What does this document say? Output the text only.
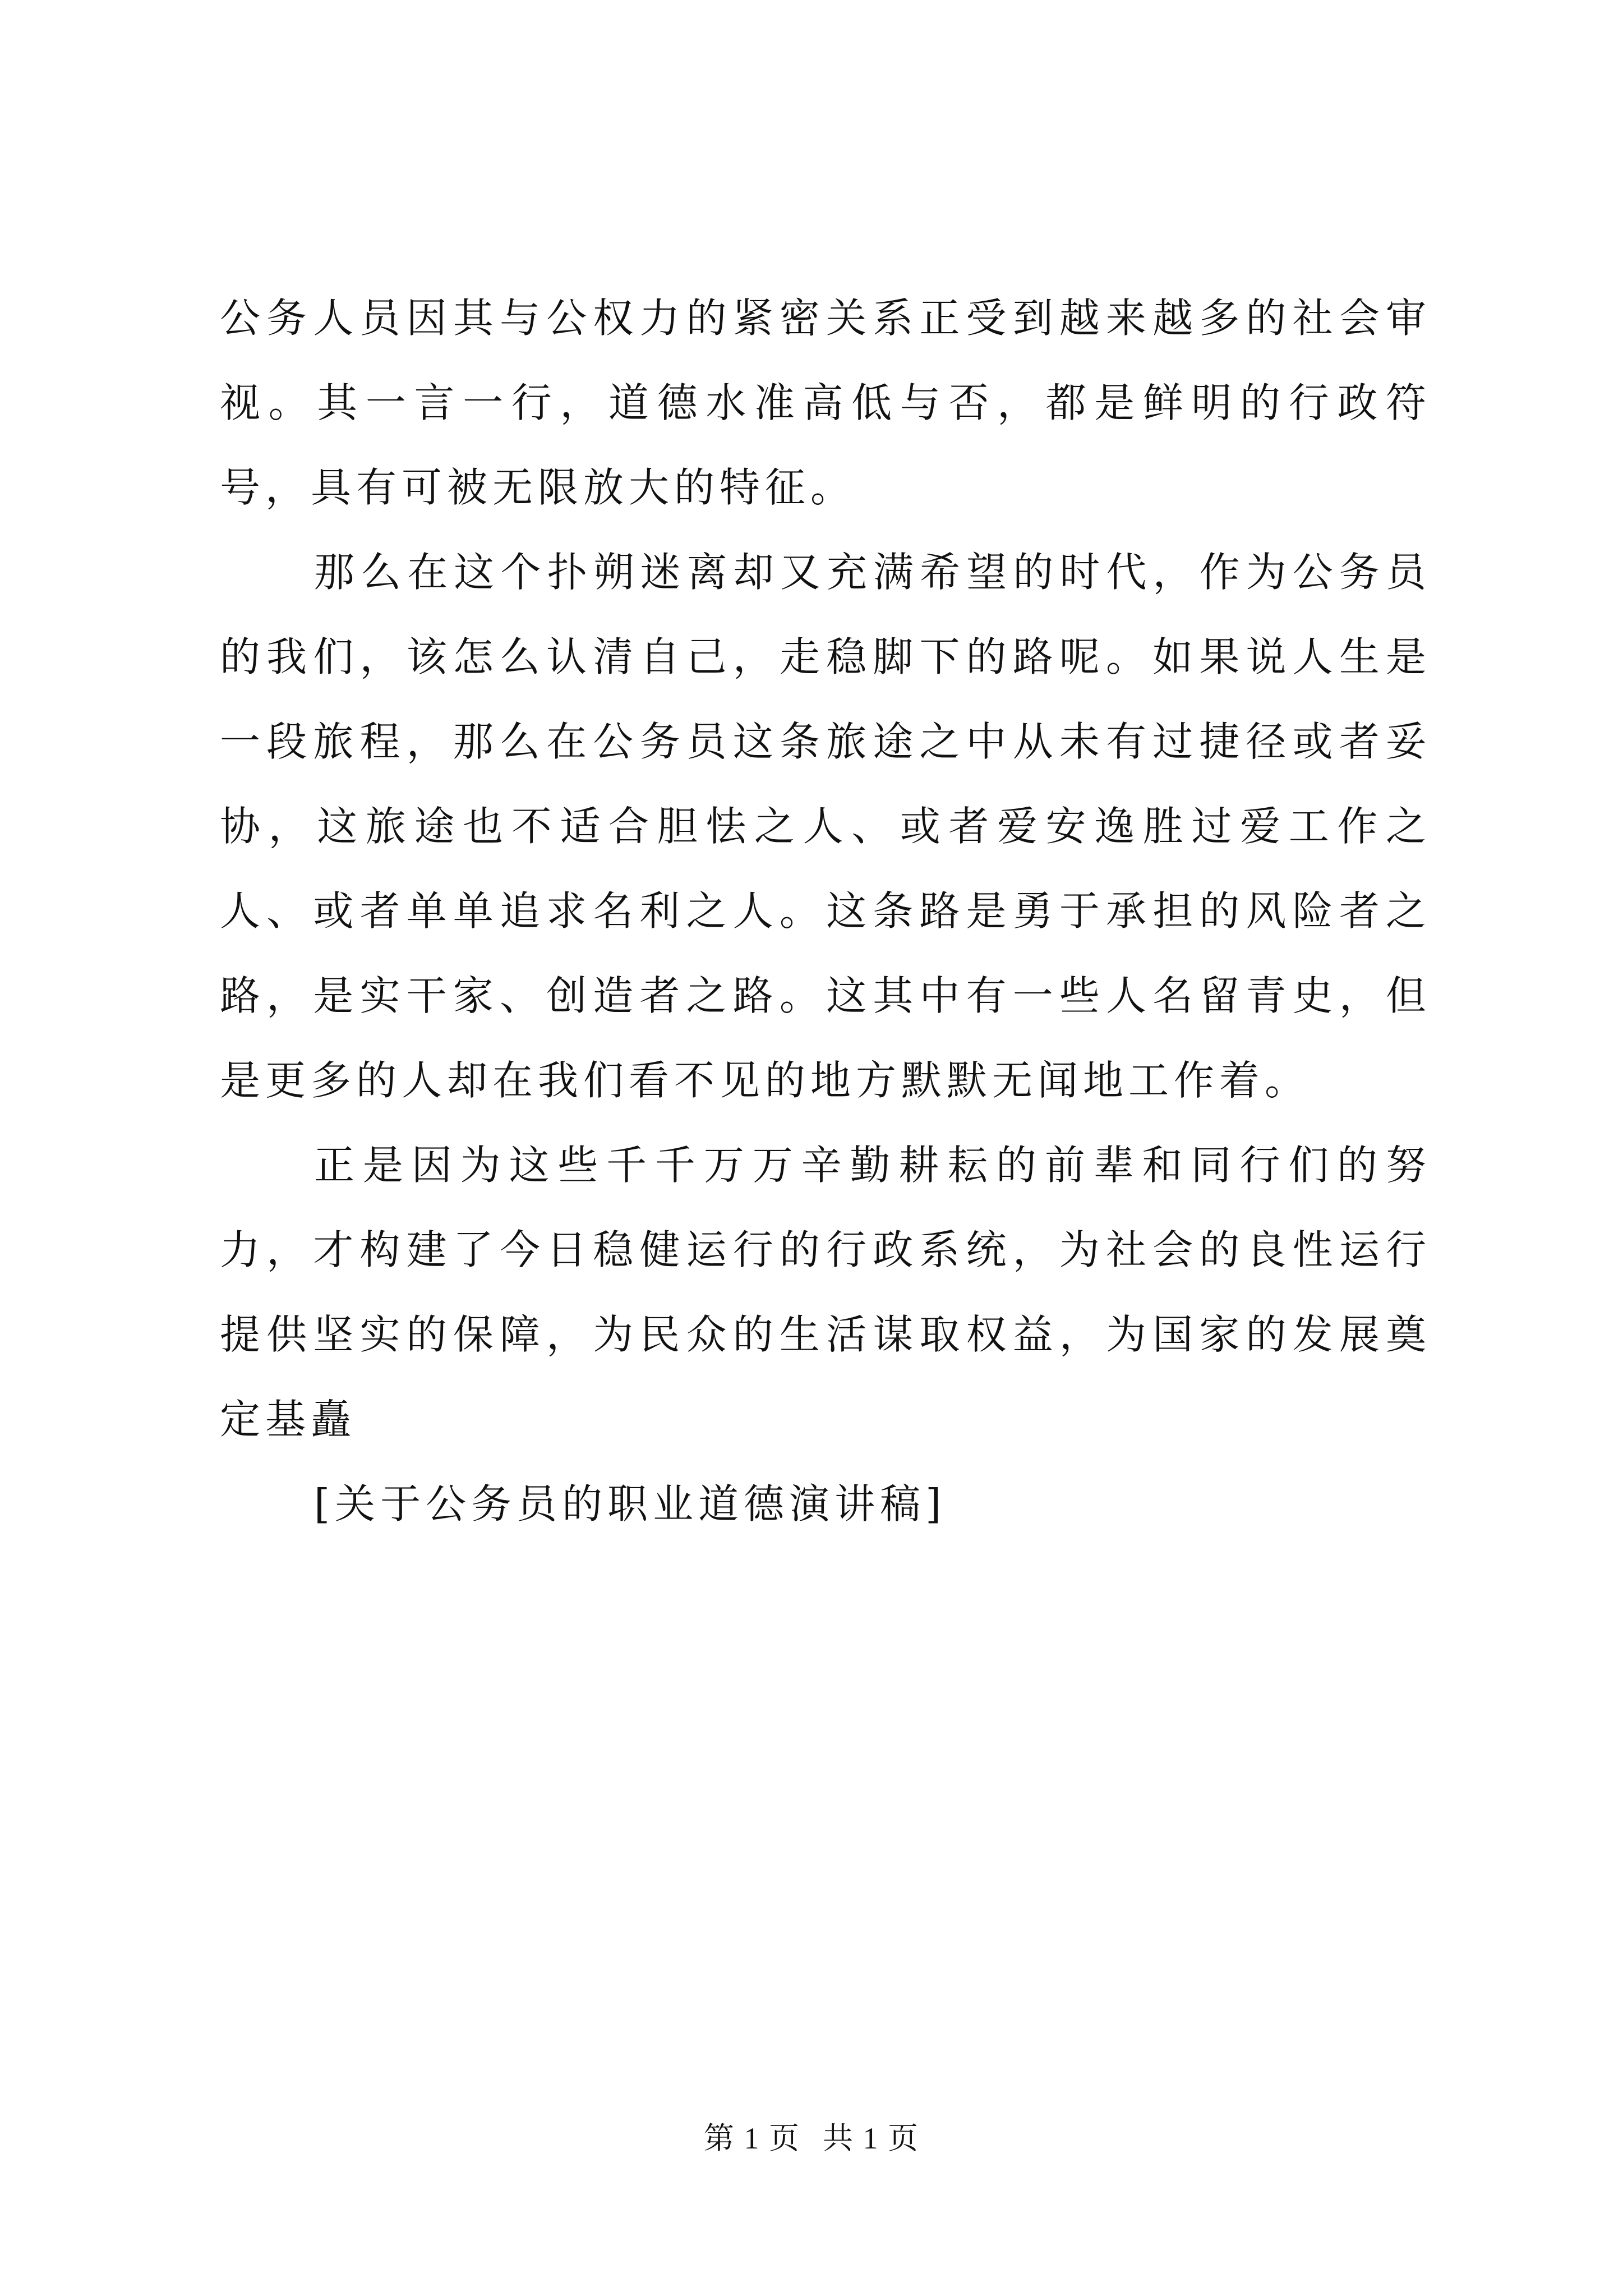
公务人员因其与公权力的紧密关系正受到越来越多的社会审视。其一言一行，道德水准高低与否，都是鲜明的行政符号，具有可被无限放大的特征。

那么在这个扑朔迷离却又充满希望的时代，作为公务员的我们，该怎么认清自己，走稳脚下的路呢。如果说人生是一段旅程，那么在公务员这条旅途之中从未有过捷径或者妥协，这旅途也不适合胆怯之人、或者爱安逸胜过爱工作之人、或者单单追求名利之人。这条路是勇于承担的风险者之路，是实干家、创造者之路。这其中有一些人名留青史，但是更多的人却在我们看不见的地方默默无闻地工作着。

正是因为这些千千万万辛勤耕耘的前辈和同行们的努力，才构建了今日稳健运行的行政系统，为社会的良性运行提供坚实的保障，为民众的生活谋取权益，为国家的发展奠定基矗

[关于公务员的职业道德演讲稿]

第 1 页 共 1 页
